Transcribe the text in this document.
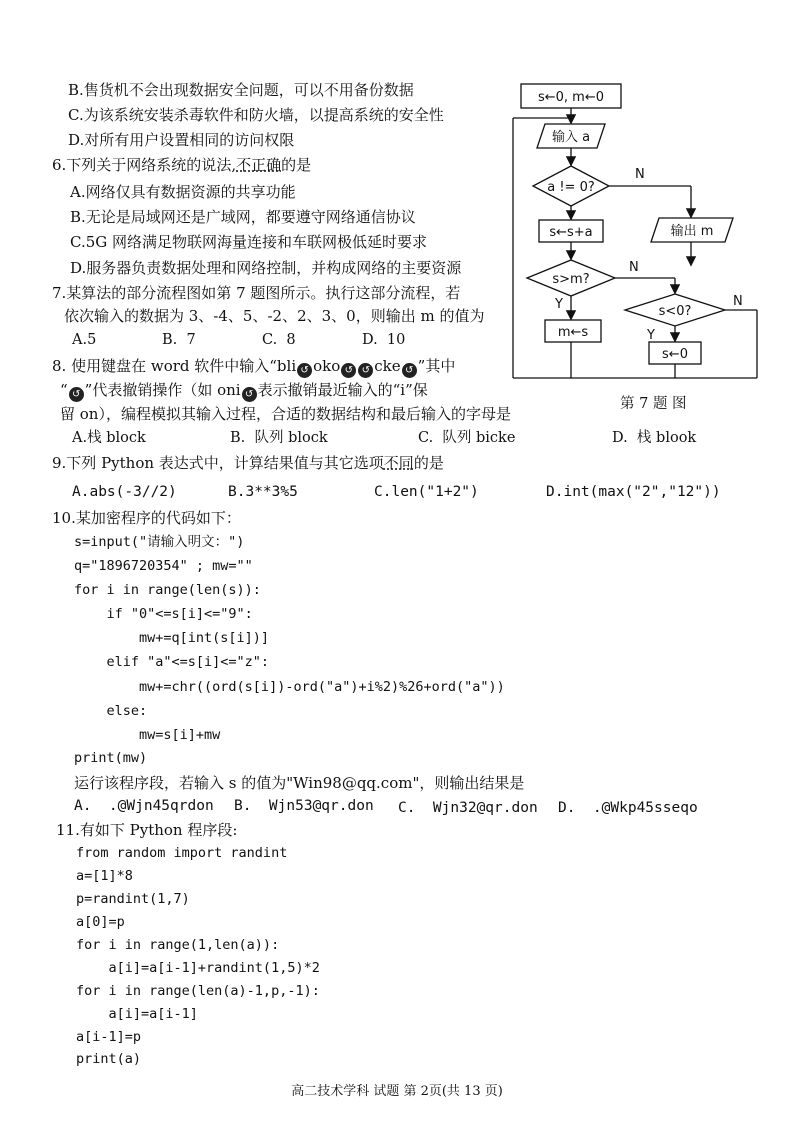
B.售货机不会出现数据安全问题，可以不用备份数据
C.为该系统安装杀毒软件和防火墙，以提高系统的安全性
D.对所有用户设置相同的访问权限
6.下列关于网络系统的说法,不正确的是
A.网络仅具有数据资源的共享功能
B.无论是局域网还是广域网，都要遵守网络通信协议
C.5G 网络满足物联网海量连接和车联网极低延时要求
D.服务器负责数据处理和网络控制，并构成网络的主要资源
7.某算法的部分流程图如第 7 题图所示。执行这部分流程，若
依次输入的数据为 3、-4、5、-2、2、3、0，则输出 m 的值为
A.5	B.  7	C.  8	D.  10
s←0, m←0
输入 a
a != 0?
N
s←s+a	输出 m
s>m?
N
Y
m←s
s<0?
N
Y
s←0
第 7 题 图
8. 使用键盘在 word 软件中输入“bli ↺ oko ↺ ↺ cke ↺ ”其中
“ ↺ ”代表撤销操作（如 oni ↺ 表示撤销最近输入的“i”保
留 on），编程模拟其输入过程，合适的数据结构和最后输入的字母是
A.栈 block	B.  队列 block	C.  队列 bicke	D.  栈 blook
9.下列 Python 表达式中，计算结果值与其它选项不同的是
A.abs(-3//2)	B.3**3%5	C.len("1+2")	D.int(max("2","12"))
10.某加密程序的代码如下：
s=input("请输入明文：")
q="1896720354" ; mw=""
for i in range(len(s)):
if "0"<=s[i]<="9":
mw+=q[int(s[i])]
elif "a"<=s[i]<="z":
mw+=chr((ord(s[i])-ord("a")+i%2)%26+ord("a"))
else:
mw=s[i]+mw
print(mw)
运行该程序段，若输入 s 的值为"Win98@qq.com"，则输出结果是
A.  .@Wjn45qrdon B.  Wjn53@qr.don C.  Wjn32@qr.don D.  .@Wkp45sseqo
11.有如下 Python 程序段:
from random import randint
a=[1]*8
p=randint(1,7)
a[0]=p
for i in range(1,len(a)):
a[i]=a[i-1]+randint(1,5)*2
for i in range(len(a)-1,p,-1):
a[i]=a[i-1]
a[i-1]=p
print(a)
高二技术学科 试题 第 2页(共 13 页)
